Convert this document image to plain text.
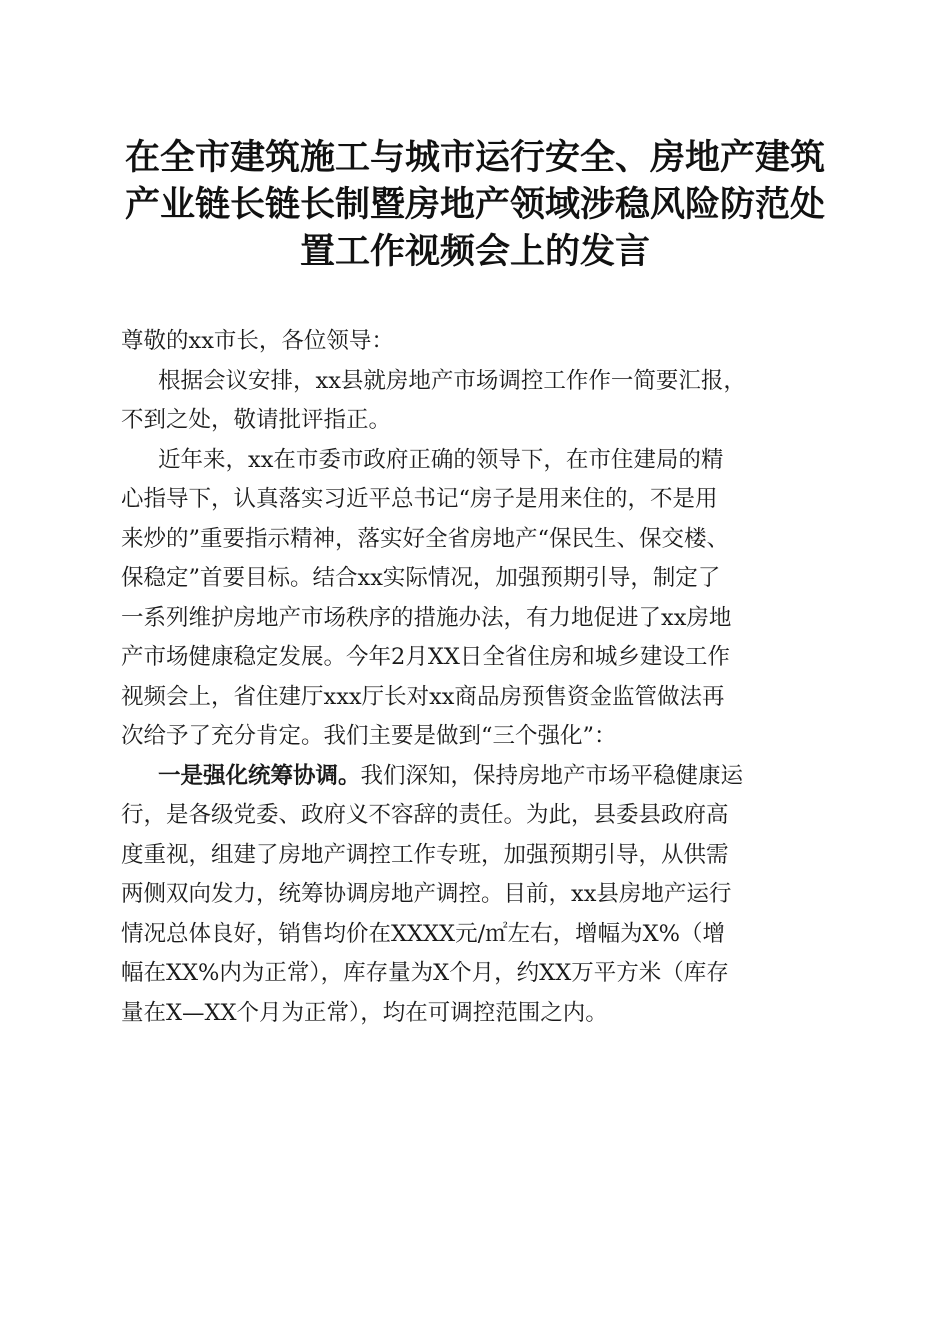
在全市建筑施工与城市运行安全、房地产建筑
产业链长链长制暨房地产领域涉稳风险防范处
置工作视频会上的发言
尊敬的xx市长，各位领导：
根据会议安排，xx县就房地产市场调控工作作一简要汇报，
不到之处，敬请批评指正。
近年来，xx在市委市政府正确的领导下，在市住建局的精
心指导下，认真落实习近平总书记“房子是用来住的，不是用
来炒的”重要指示精神，落实好全省房地产“保民生、保交楼、
保稳定”首要目标。结合xx实际情况，加强预期引导，制定了
一系列维护房地产市场秩序的措施办法，有力地促进了xx房地
产市场健康稳定发展。今年2月XX日全省住房和城乡建设工作
视频会上，省住建厅xxx厅长对xx商品房预售资金监管做法再
次给予了充分肯定。我们主要是做到“三个强化”：
一是强化统筹协调。我们深知，保持房地产市场平稳健康运
行，是各级党委、政府义不容辞的责任。为此，县委县政府高
度重视，组建了房地产调控工作专班，加强预期引导，从供需
两侧双向发力，统筹协调房地产调控。目前，xx县房地产运行
情况总体良好，销售均价在XXXX元/㎡左右，增幅为X%（增
幅在XX%内为正常），库存量为X个月，约XX万平方米（库存
量在X—XX个月为正常），均在可调控范围之内。
